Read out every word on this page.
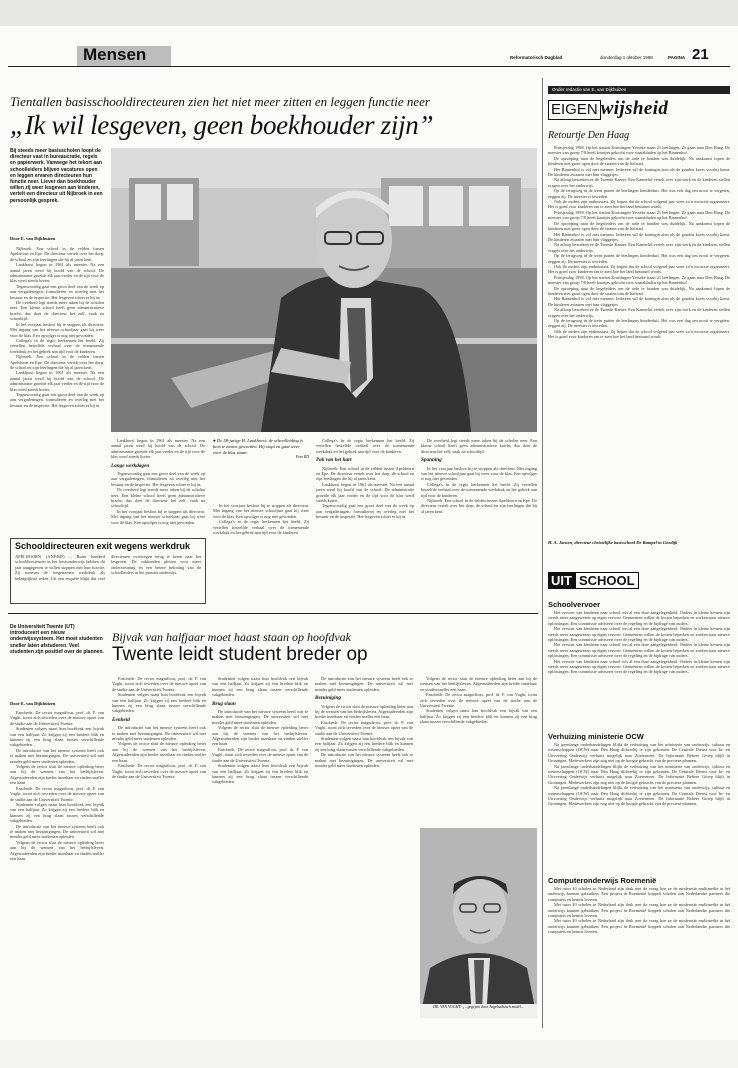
Mensen	Reformatorisch Dagblad	donderdag 1 oktober 1998	PAGINA 21
Tientallen basisschooldirecteuren zien het niet meer zitten en leggen functie neer
„Ik wil lesgeven, geen boekhouder zijn”
Bij steeds meer basisscholen loopt de directeur vast in bureaucratie, regels en papierwerk. Vanwege het tekort aan schoolleiders blijven vacatures open en leggen ervaren directeuren hun functie neer. Liever dan boekhouder willen zij weer lesgeven aan kinderen, vertelt een directeur uit Nijbroek in een persoonlijk gesprek.
Door E. van Dijkhuizen

Nijbroek. Een school in de velden tussen Apeldoorn en Epe. De directeur vertelt over het dorp, de school en zijn leerlingen die hij al jaren kent.

Lankhorst begon in 1961 als meester. Na een aantal jaren werd hij hoofd van de school. De administratie groeide elk jaar verder en de tijd voor de klas werd steeds korter.

Tegenwoordig gaat een groot deel van de week op aan vergaderingen, formulieren en overleg met het bestuur en de inspectie. Het lesgeven schiet er bij in.

De overheid legt steeds meer taken bij de scholen neer. Een kleine school heeft geen administratieve kracht, dus doet de directeur het zelf, vaak na schooltijd.

In het voorjaar besloot hij te stoppen als directeur. Met ingang van het nieuwe schooljaar gaat hij weer voor de klas. Een opvolger is nog niet gevonden.

Collega's in de regio herkennen het beeld. Zij vertellen hetzelfde verhaal over de toenemende werkdruk en het gebrek aan tijd voor de kinderen.

Nijbroek. Een school in de velden tussen Apeldoorn en Epe. De directeur vertelt over het dorp, de school en zijn leerlingen die hij al jaren kent.

Lankhorst begon in 1961 als meester. Na een aantal jaren werd hij hoofd van de school. De administratie groeide elk jaar verder en de tijd voor de klas werd steeds korter.

Tegenwoordig gaat een groot deel van de week op aan vergaderingen, formulieren en overleg met het bestuur en de inspectie. Het lesgeven schiet er bij in.

Lankhorst begon in 1961 als meester. Na een aantal jaren werd hij hoofd van de school. De administratie groeide elk jaar verder en de tijd voor de klas werd steeds korter.

Lange werkdagen

Tegenwoordig gaat een groot deel van de week op aan vergaderingen, formulieren en overleg met het bestuur en de inspectie. Het lesgeven schiet er bij in.

De overheid legt steeds meer taken bij de scholen neer. Een kleine school heeft geen administratieve kracht, dus doet de directeur het zelf, vaak na schooltijd.

In het voorjaar besloot hij te stoppen als directeur. Met ingang van het nieuwe schooljaar gaat hij weer voor de klas. Een opvolger is nog niet gevonden.

● De 58-jarige H. Lankhorst: de schoolleiding is hem te zwaar geworden. Hij stopt en gaat weer voor de klas staan.
Foto RD

In het voorjaar besloot hij te stoppen als directeur. Met ingang van het nieuwe schooljaar gaat hij weer voor de klas. Een opvolger is nog niet gevonden.

Collega's in de regio herkennen het beeld. Zij vertellen hetzelfde verhaal over de toenemende werkdruk en het gebrek aan tijd voor de kinderen.

Collega's in de regio herkennen het beeld. Zij vertellen hetzelfde verhaal over de toenemende werkdruk en het gebrek aan tijd voor de kinderen.

Pak van het hart

Nijbroek. Een school in de velden tussen Apeldoorn en Epe. De directeur vertelt over het dorp, de school en zijn leerlingen die hij al jaren kent.

Lankhorst begon in 1961 als meester. Na een aantal jaren werd hij hoofd van de school. De administratie groeide elk jaar verder en de tijd voor de klas werd steeds korter.

Tegenwoordig gaat een groot deel van de week op aan vergaderingen, formulieren en overleg met het bestuur en de inspectie. Het lesgeven schiet er bij in.

De overheid legt steeds meer taken bij de scholen neer. Een kleine school heeft geen administratieve kracht, dus doet de directeur het zelf, vaak na schooltijd.

Spanning

In het voorjaar besloot hij te stoppen als directeur. Met ingang van het nieuwe schooljaar gaat hij weer voor de klas. Een opvolger is nog niet gevonden.

Collega's in de regio herkennen het beeld. Zij vertellen hetzelfde verhaal over de toenemende werkdruk en het gebrek aan tijd voor de kinderen.

Nijbroek. Een school in de velden tussen Apeldoorn en Epe. De directeur vertelt over het dorp, de school en zijn leerlingen die hij al jaren kent.

Schooldirecteuren exit wegens werkdruk
APELDOORN (ANP/RD) – Ruim honderd schooldirecteuren in het basisonderwijs hebben dit jaar aangegeven te willen stoppen met hun functie. Zij noemen de toegenomen werkdruk als belangrijkste reden. Uit een enquête blijkt dat veel directeuren overwegen terug te keren naar het lesgeven. De vakbonden pleiten voor meer ondersteuning en een betere beloning van de schoolleiders in het primair onderwijs.
De Universiteit Twente (UT) introduceert een nieuw onderwijssysteem. Het moet studenten sneller laten afstuderen. Veel studenten zijn positief over de plannen.
Door E. van Dijkhuizen

Enschede. De rector magnificus, prof. dr. F. van Vught, toont zich tevreden over de nieuwe opzet van de studie aan de Universiteit Twente.

Studenten volgen naast hun hoofdvak een bijvak van een halfjaar. Zo krijgen zij een bredere blik en kunnen zij een brug slaan tussen verschillende vakgebieden.

De introductie van het nieuwe systeem heeft ook te maken met bezuinigingen. De universiteit wil met minder geld meer studenten opleiden.

Volgens de rector sluit de nieuwe opleiding beter aan bij de wensen van het bedrijfsleven. Afgestudeerden zijn breder inzetbaar en vinden sneller een baan.

Enschede. De rector magnificus, prof. dr. F. van Vught, toont zich tevreden over de nieuwe opzet van de studie aan de Universiteit Twente.

Studenten volgen naast hun hoofdvak een bijvak van een halfjaar. Zo krijgen zij een bredere blik en kunnen zij een brug slaan tussen verschillende vakgebieden.

De introductie van het nieuwe systeem heeft ook te maken met bezuinigingen. De universiteit wil met minder geld meer studenten opleiden.

Volgens de rector sluit de nieuwe opleiding beter aan bij de wensen van het bedrijfsleven. Afgestudeerden zijn breder inzetbaar en vinden sneller een baan.

Bijvak van halfjaar moet haast staan op hoofdvak
Twente leidt student breder op

Enschede. De rector magnificus, prof. dr. F. van Vught, toont zich tevreden over de nieuwe opzet van de studie aan de Universiteit Twente.

Studenten volgen naast hun hoofdvak een bijvak van een halfjaar. Zo krijgen zij een bredere blik en kunnen zij een brug slaan tussen verschillende vakgebieden.

Eenheid

De introductie van het nieuwe systeem heeft ook te maken met bezuinigingen. De universiteit wil met minder geld meer studenten opleiden.

Volgens de rector sluit de nieuwe opleiding beter aan bij de wensen van het bedrijfsleven. Afgestudeerden zijn breder inzetbaar en vinden sneller een baan.

Enschede. De rector magnificus, prof. dr. F. van Vught, toont zich tevreden over de nieuwe opzet van de studie aan de Universiteit Twente.

Studenten volgen naast hun hoofdvak een bijvak van een halfjaar. Zo krijgen zij een bredere blik en kunnen zij een brug slaan tussen verschillende vakgebieden.

Brug slaan

De introductie van het nieuwe systeem heeft ook te maken met bezuinigingen. De universiteit wil met minder geld meer studenten opleiden.

Volgens de rector sluit de nieuwe opleiding beter aan bij de wensen van het bedrijfsleven. Afgestudeerden zijn breder inzetbaar en vinden sneller een baan.

Enschede. De rector magnificus, prof. dr. F. van Vught, toont zich tevreden over de nieuwe opzet van de studie aan de Universiteit Twente.

Studenten volgen naast hun hoofdvak een bijvak van een halfjaar. Zo krijgen zij een bredere blik en kunnen zij een brug slaan tussen verschillende vakgebieden.

De introductie van het nieuwe systeem heeft ook te maken met bezuinigingen. De universiteit wil met minder geld meer studenten opleiden.

Bezuiniging

Volgens de rector sluit de nieuwe opleiding beter aan bij de wensen van het bedrijfsleven. Afgestudeerden zijn breder inzetbaar en vinden sneller een baan.

Enschede. De rector magnificus, prof. dr. F. van Vught, toont zich tevreden over de nieuwe opzet van de studie aan de Universiteit Twente.

Studenten volgen naast hun hoofdvak een bijvak van een halfjaar. Zo krijgen zij een bredere blik en kunnen zij een brug slaan tussen verschillende vakgebieden.

De introductie van het nieuwe systeem heeft ook te maken met bezuinigingen. De universiteit wil met minder geld meer studenten opleiden.

Volgens de rector sluit de nieuwe opleiding beter aan bij de wensen van het bedrijfsleven. Afgestudeerden zijn breder inzetbaar en vinden sneller een baan.

Enschede. De rector magnificus, prof. dr. F. van Vught, toont zich tevreden over de nieuwe opzet van de studie aan de Universiteit Twente.

Studenten volgen naast hun hoofdvak een bijvak van een halfjaar. Zo krijgen zij een bredere blik en kunnen zij een brug slaan tussen verschillende vakgebieden.

DR. VAN VUGHT: „...gegepen door Angelsaksisch model...
Onder redactie van E. van Dijkhuizen
EIGEN wijsheid
Retourtje Den Haag

Prinsjesdag 1998. Op het station Kruisingen-Yerseke staan 21 leerlingen. Ze gaan naar Den Haag. De meester van groep 7/8 heeft kaartjes gekocht voor staatsbladen op het Binnenhof.

De oproeping naar de begeleiders om de orde te houden was duidelijk. Na aankomst lopen de kinderen met grote ogen door de straten van de hofstad.

Het Binnenhof is vol met mensen. Iedereen wil de koningin zien als de gouden koets voorbij komt. De kinderen zwaaien met hun vlaggetjes.

Na afloop bezoeken ze de Tweede Kamer. Een Kamerlid vertelt over zijn werk en de kinderen stellen vragen over het onderwijs.

Op de terugweg in de trein praten de leerlingen honderduit. Het was een dag om nooit te vergeten, zeggen zij. De meester is tevreden.

Ook de ouders zijn enthousiast. Zij hopen dat de school volgend jaar weer zo'n excursie organiseert. Het is goed voor kinderen om te zien hoe het land bestuurd wordt.

Prinsjesdag 1998. Op het station Kruisingen-Yerseke staan 21 leerlingen. Ze gaan naar Den Haag. De meester van groep 7/8 heeft kaartjes gekocht voor staatsbladen op het Binnenhof.

De oproeping naar de begeleiders om de orde te houden was duidelijk. Na aankomst lopen de kinderen met grote ogen door de straten van de hofstad.

Het Binnenhof is vol met mensen. Iedereen wil de koningin zien als de gouden koets voorbij komt. De kinderen zwaaien met hun vlaggetjes.

Na afloop bezoeken ze de Tweede Kamer. Een Kamerlid vertelt over zijn werk en de kinderen stellen vragen over het onderwijs.

Op de terugweg in de trein praten de leerlingen honderduit. Het was een dag om nooit te vergeten, zeggen zij. De meester is tevreden.

Ook de ouders zijn enthousiast. Zij hopen dat de school volgend jaar weer zo'n excursie organiseert. Het is goed voor kinderen om te zien hoe het land bestuurd wordt.

Prinsjesdag 1998. Op het station Kruisingen-Yerseke staan 21 leerlingen. Ze gaan naar Den Haag. De meester van groep 7/8 heeft kaartjes gekocht voor staatsbladen op het Binnenhof.

De oproeping naar de begeleiders om de orde te houden was duidelijk. Na aankomst lopen de kinderen met grote ogen door de straten van de hofstad.

Het Binnenhof is vol met mensen. Iedereen wil de koningin zien als de gouden koets voorbij komt. De kinderen zwaaien met hun vlaggetjes.

Na afloop bezoeken ze de Tweede Kamer. Een Kamerlid vertelt over zijn werk en de kinderen stellen vragen over het onderwijs.

Op de terugweg in de trein praten de leerlingen honderduit. Het was een dag om nooit te vergeten, zeggen zij. De meester is tevreden.

Ook de ouders zijn enthousiast. Zij hopen dat de school volgend jaar weer zo'n excursie organiseert. Het is goed voor kinderen om te zien hoe het land bestuurd wordt.

H. A. Jansen, directeur christelijke basisschool De Bampel in Goedijk
UIT SCHOOL
Schoolvervoer

Het vervoer van kinderen naar school wis al een dure aangelegenheid. Ouders in kleine kernen zijn steeds meer aangewezen op eigen vervoer. Gemeenten willen de kosten beperken en zoeken naar nieuwe oplossingen. Een commissie adviseert over de regeling en de bijdrage van ouders.

Het vervoer van kinderen naar school wis al een dure aangelegenheid. Ouders in kleine kernen zijn steeds meer aangewezen op eigen vervoer. Gemeenten willen de kosten beperken en zoeken naar nieuwe oplossingen. Een commissie adviseert over de regeling en de bijdrage van ouders.

Het vervoer van kinderen naar school wis al een dure aangelegenheid. Ouders in kleine kernen zijn steeds meer aangewezen op eigen vervoer. Gemeenten willen de kosten beperken en zoeken naar nieuwe oplossingen. Een commissie adviseert over de regeling en de bijdrage van ouders.

Het vervoer van kinderen naar school wis al een dure aangelegenheid. Ouders in kleine kernen zijn steeds meer aangewezen op eigen vervoer. Gemeenten willen de kosten beperken en zoeken naar nieuwe oplossingen. Een commissie adviseert over de regeling en de bijdrage van ouders.

Verhuizing ministerie OCW

Na jarenlange onderhandelingen blijkt de verhuizing van het ministerie van onderwijs, cultuur en wetenschappen (OCW) naar Den Haag dichterbij te zijn gekomen. De Centrale Dienst voor In- en Uitvoering Onderwijs verhuist mogelijk naar Zoetermeer. De Informatie Beheer Groep blijft in Groningen. Medewerkers zijn nog niet op de hoogte gebracht van de precieze plannen.

Na jarenlange onderhandelingen blijkt de verhuizing van het ministerie van onderwijs, cultuur en wetenschappen (OCW) naar Den Haag dichterbij te zijn gekomen. De Centrale Dienst voor In- en Uitvoering Onderwijs verhuist mogelijk naar Zoetermeer. De Informatie Beheer Groep blijft in Groningen. Medewerkers zijn nog niet op de hoogte gebracht van de precieze plannen.

Na jarenlange onderhandelingen blijkt de verhuizing van het ministerie van onderwijs, cultuur en wetenschappen (OCW) naar Den Haag dichterbij te zijn gekomen. De Centrale Dienst voor In- en Uitvoering Onderwijs verhuist mogelijk naar Zoetermeer. De Informatie Beheer Groep blijft in Groningen. Medewerkers zijn nog niet op de hoogte gebracht van de precieze plannen.

Computeronderwijs Roemenië

Met ruim 40 scholen in Nederland zijn druk met de vraag hoe ze de modernste multimedia in het onderwijs kunnen gebruiken. Een project in Roemenië koppelt scholen aan Nederlandse partners die computers en kennis leveren.

Met ruim 40 scholen in Nederland zijn druk met de vraag hoe ze de modernste multimedia in het onderwijs kunnen gebruiken. Een project in Roemenië koppelt scholen aan Nederlandse partners die computers en kennis leveren.

Met ruim 40 scholen in Nederland zijn druk met de vraag hoe ze de modernste multimedia in het onderwijs kunnen gebruiken. Een project in Roemenië koppelt scholen aan Nederlandse partners die computers en kennis leveren.
